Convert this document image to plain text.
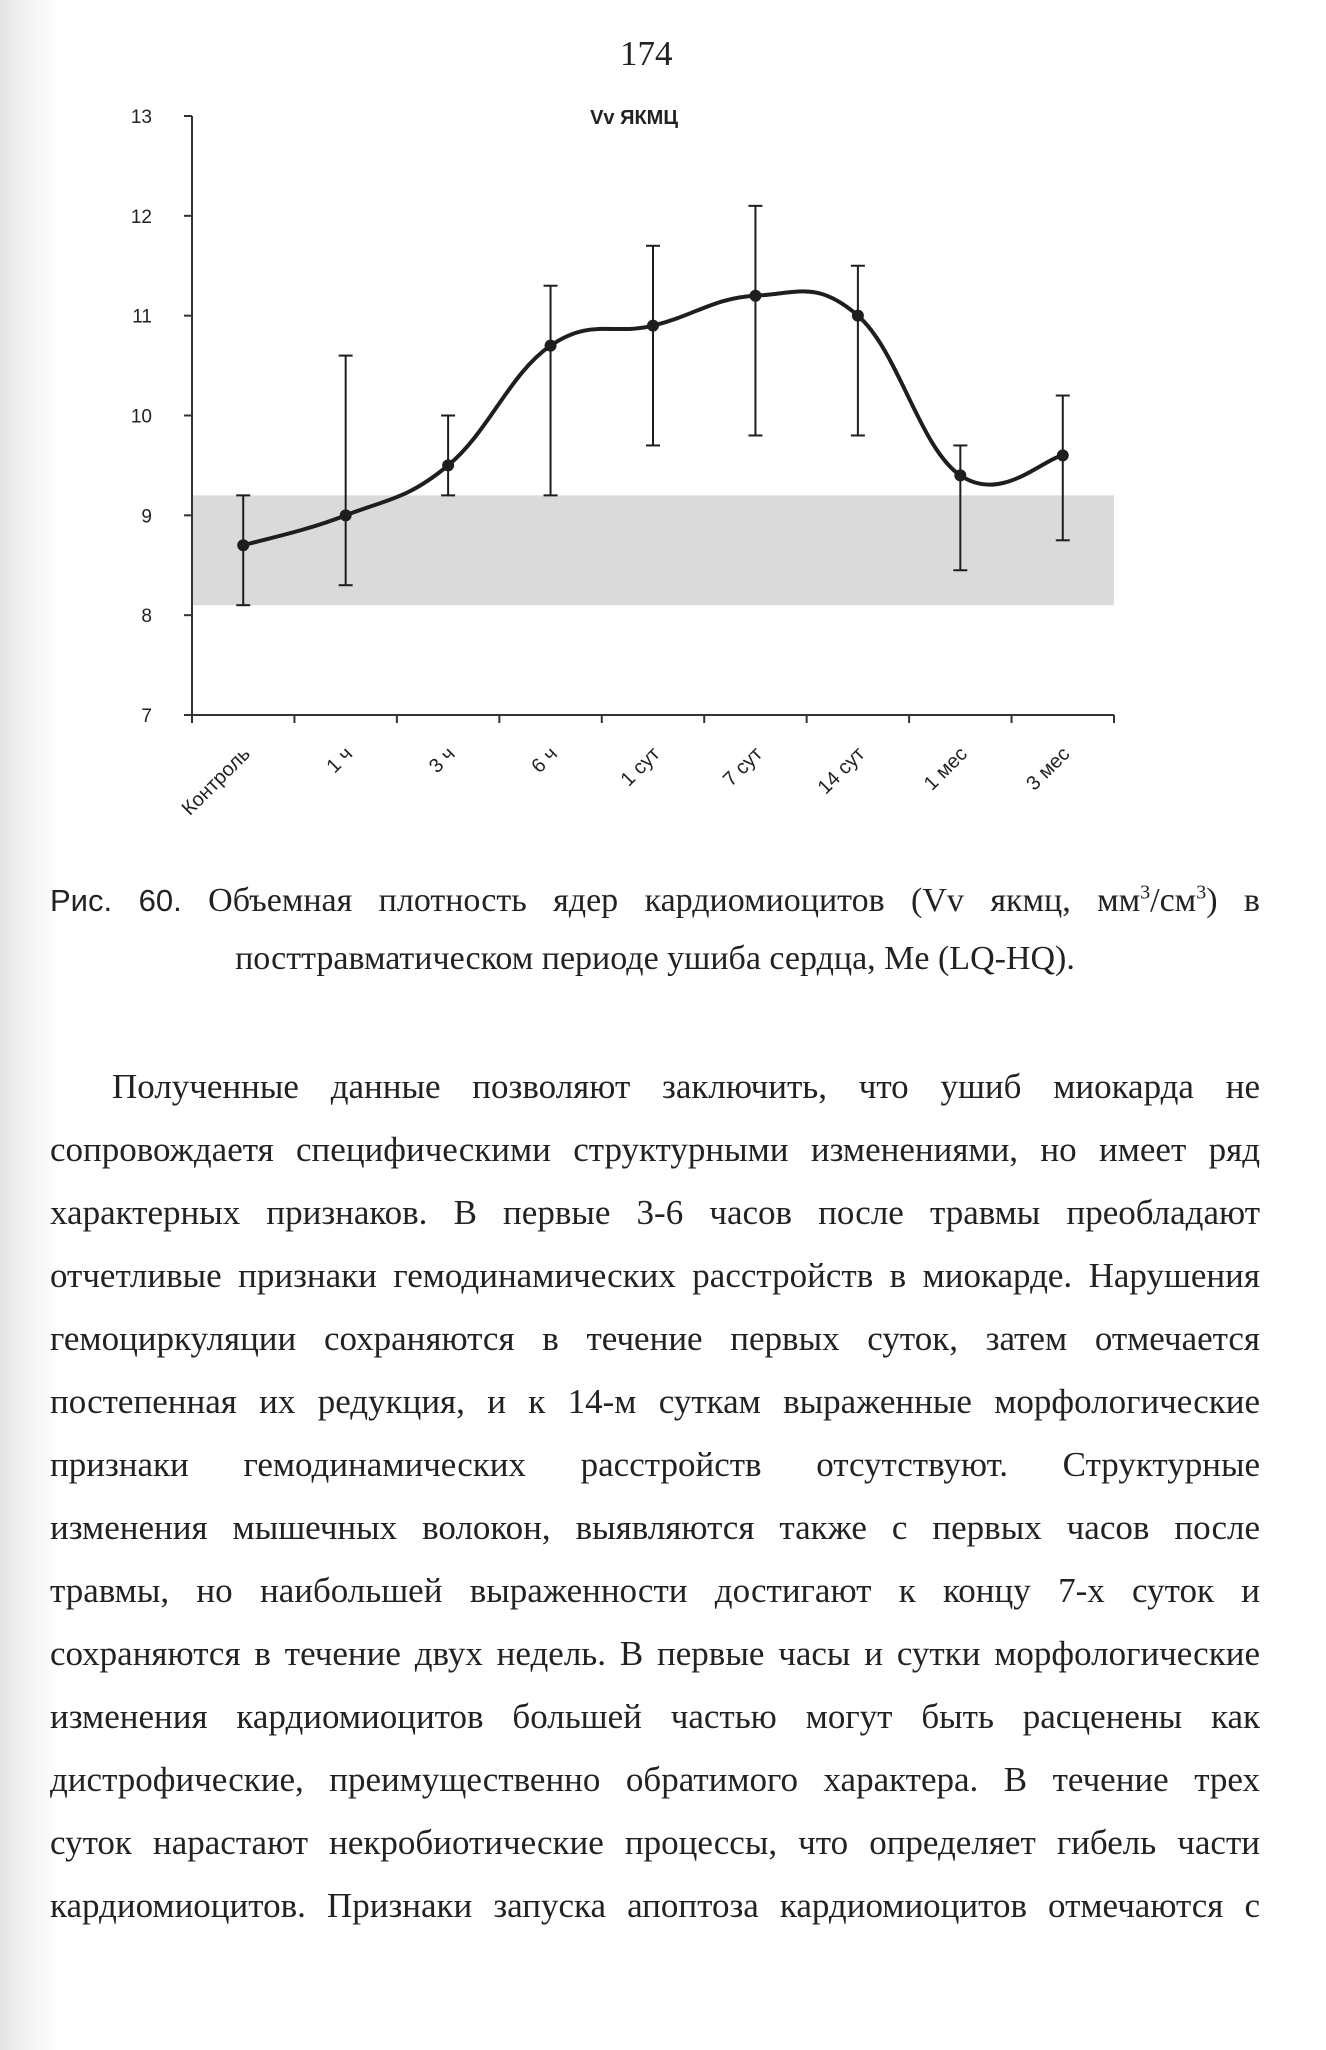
174
Vv ЯКМЦ
7
8
9
10
11
12
13
Контроль	1 ч	3 ч	6 ч	1 сут	7 сут 14 сут	1 мес	3 мес
Рис. 60. Объемная плотность ядер кардиомиоцитов (Vv якмц, $мм^3/см^3$) в
посттравматическом периоде ушиба сердца, Me (LQ-HQ).
Полученные данные позволяют заключить, что ушиб миокарда не
сопровождаетя специфическими структурными изменениями, но имеет ряд
характерных признаков. В первые 3-6 часов после травмы преобладают
отчетливые признаки гемодинамических расстройств в миокарде. Нарушения
гемоциркуляции сохраняются в течение первых суток, затем отмечается
постепенная их редукция, и к 14-м суткам выраженные морфологические
признаки гемодинамических расстройств отсутствуют. Структурные
изменения мышечных волокон, выявляются также с первых часов после
травмы, но наибольшей выраженности достигают к концу 7-х суток и
сохраняются в течение двух недель. В первые часы и сутки морфологические
изменения кардиомиоцитов большей частью могут быть расценены как
дистрофические, преимущественно обратимого характера. В течение трех
суток нарастают некробиотические процессы, что определяет гибель части
кардиомиоцитов. Признаки запуска апоптоза кардиомиоцитов отмечаются с
